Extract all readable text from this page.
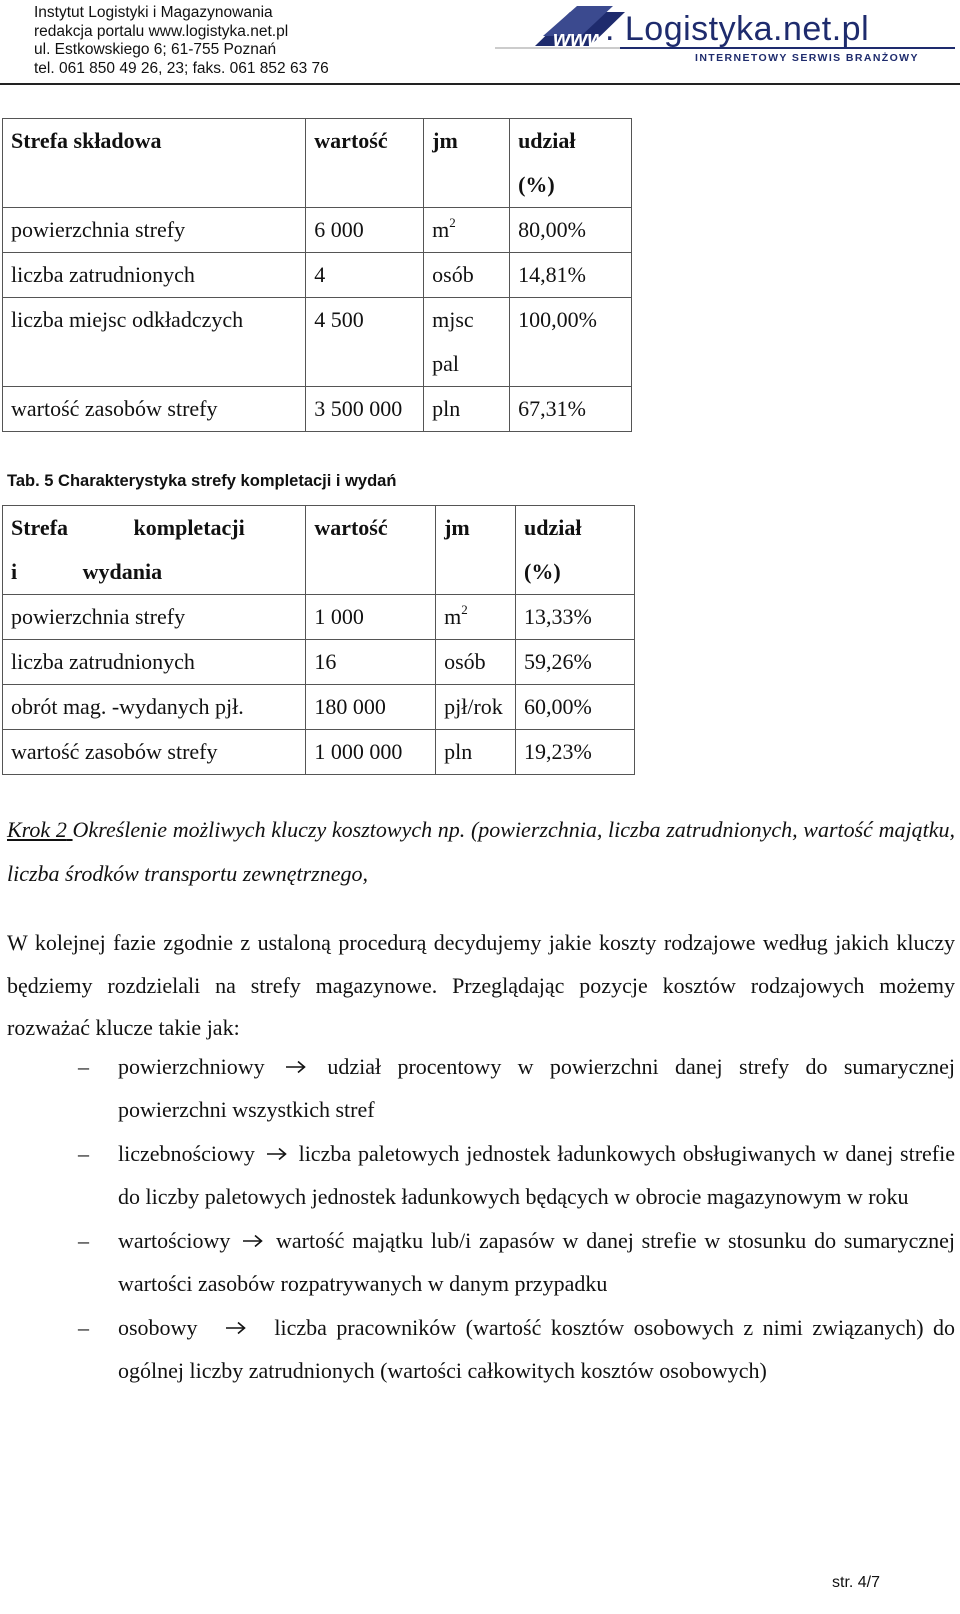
Instytut Logistyki i Magazynowania
redakcja portalu www.logistyka.net.pl
ul. Estkowskiego 6; 61-755 Poznań
tel. 061 850 49 26, 23; faks. 061 852 63 76
www.
. Logistyka.net.pl
INTERNETOWY SERWIS BRANŻOWY
Strefa składowa	wartość	jm	udział (%)
powierzchnia strefy	6 000	$m^2$	80,00%
liczba zatrudnionych	4	osób	14,81%
liczba miejsc odkładczych	4 500	mjsc pal	100,00%
wartość zasobów strefy	3 500 000	pln	67,31%
Tab. 5 Charakterystyka strefy kompletacji i wydań
Strefa kompletacji i wydania	wartość	jm	udział (%)
powierzchnia strefy	1 000	$m^2$	13,33%
liczba zatrudnionych	16	osób	59,26%
obrót mag. -wydanych pjł.	180 000	pjł/rok	60,00%
wartość zasobów strefy	1 000 000	pln	19,23%
Krok 2 Określenie możliwych kluczy kosztowych np. (powierzchnia, liczba zatrudnionych, wartość majątku, liczba środków transportu zewnętrznego,
W kolejnej fazie zgodnie z ustaloną procedurą decydujemy jakie koszty rodzajowe według jakich kluczy będziemy rozdzielali na strefy magazynowe. Przeglądając pozycje kosztów rodzajowych możemy rozważać klucze takie jak:
– powierzchniowy	udział procentowy w powierzchni danej strefy do sumarycznej powierzchni wszystkich stref
– liczebnościowy liczba paletowych jednostek ładunkowych obsługiwanych w danej strefie do liczby paletowych jednostek ładunkowych będących w obrocie magazynowym w roku
– wartościowy wartość majątku lub/i zapasów w danej strefie w stosunku do sumarycznej wartości zasobów rozpatrywanych w danym przypadku
– osobowy	liczba pracowników (wartość kosztów osobowych z nimi związanych) do ogólnej liczby zatrudnionych (wartości całkowitych kosztów osobowych)
str. 4/7
